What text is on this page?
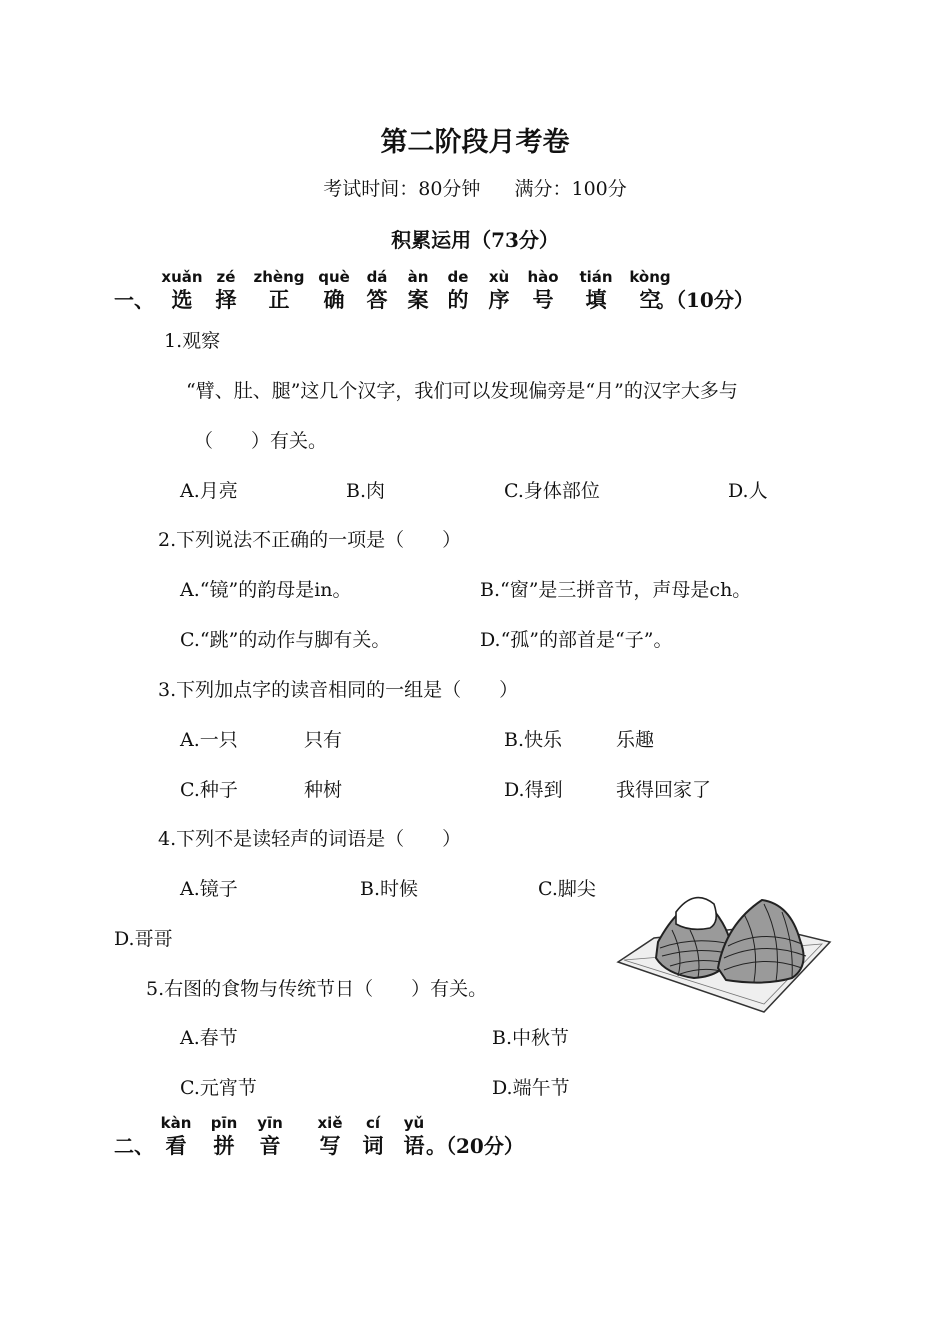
第二阶段月考卷
考试时间：80分钟 满分：100分
积累运用（73分）
一、
xuǎn
选
zé
择
zhèng
正
què
确
dá
答
àn
案
de
的
xù
序
hào
号
tián
填
kòng
空
。（10分）
1.观察
“臂、肚、腿”这几个汉字，我们可以发现偏旁是“月”的汉字大多与
（　　）有关。
A.月亮	B.肉	C.身体部位	D.人
2.下列说法不正确的一项是（　　）
A.“镜”的韵母是in。	B.“窗”是三拼音节，声母是ch。
C.“跳”的动作与脚有关。	D.“孤”的部首是“子”。
3.下列加点字的读音相同的一组是（　　）
A.一只	只有	B.快乐	乐趣
C.种子	种树	D.得到	我得回家了
4.下列不是读轻声的词语是（　　）
A.镜子	B.时候	C.脚尖
D.哥哥
5.右图的食物与传统节日（　　）有关。
A.春节	B.中秋节
C.元宵节	D.端午节
二、
kàn
看
pīn
拼
yīn
音
xiě
写
cí
词
yǔ
语 。（20分）
